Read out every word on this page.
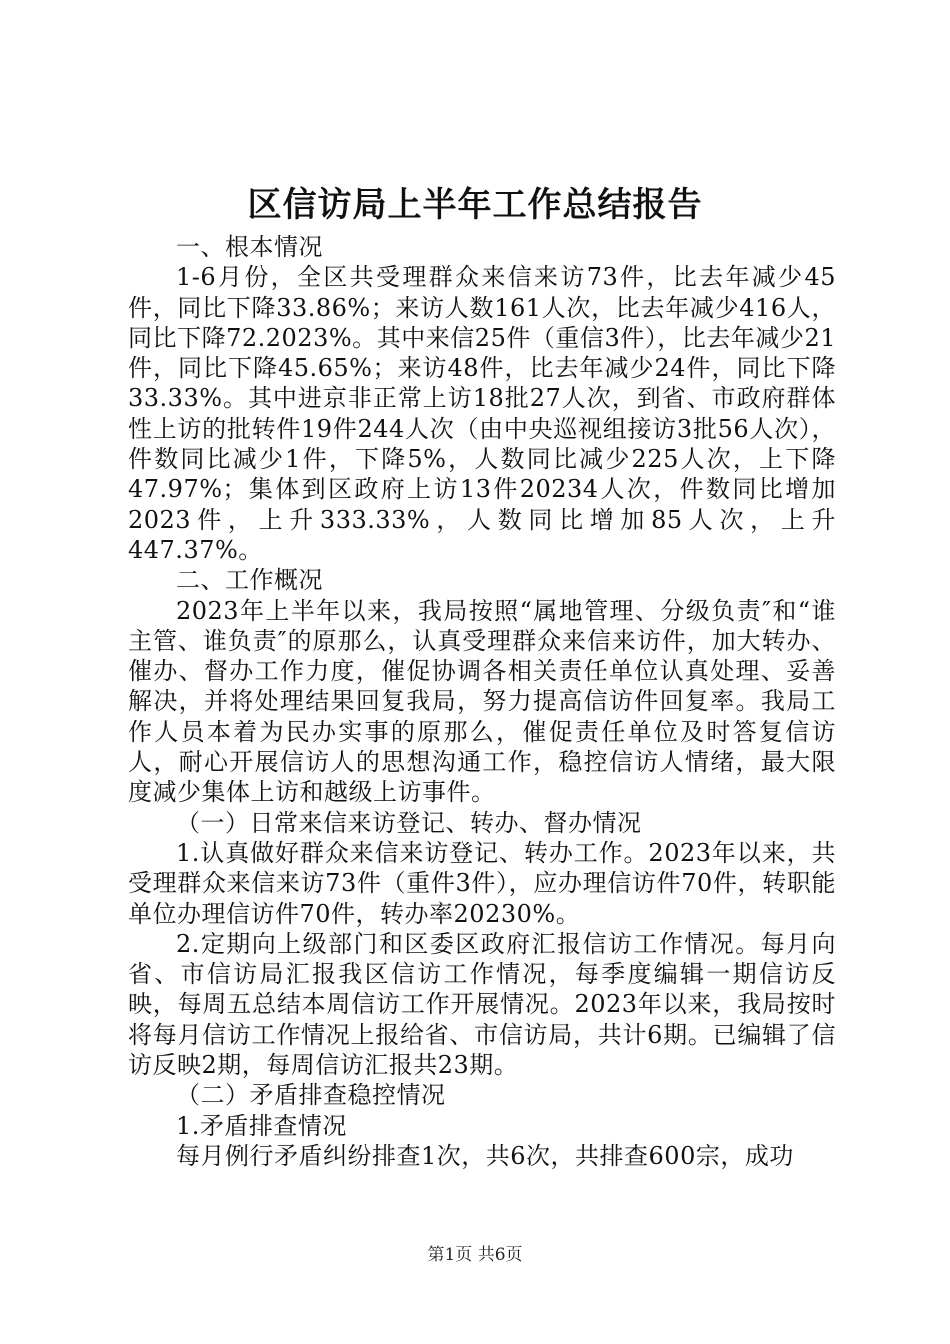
区信访局上半年工作总结报告

一、根本情况

1-6月份，全区共受理群众来信来访73件，比去年减少45件，同比下降33.86%；来访人数161人次，比去年减少416人，同比下降72.2023%。其中来信25件（重信3件），比去年减少21件，同比下降45.65%；来访48件，比去年减少24件，同比下降33.33%。其中进京非正常上访18批27人次，到省、市政府群体性上访的批转件19件244人次（由中央巡视组接访3批56人次），件数同比减少1件，下降5%，人数同比减少225人次，上下降47.97%；集体到区政府上访13件20234人次，件数同比增加2023件，上升333.33%，人数同比增加85人次，上升447.37%。

二、工作概况

2023年上半年以来，我局按照“属地管理、分级负责″和“谁主管、谁负责″的原那么，认真受理群众来信来访件，加大转办、催办、督办工作力度，催促协调各相关责任单位认真处理、妥善解决，并将处理结果回复我局，努力提高信访件回复率。我局工作人员本着为民办实事的原那么，催促责任单位及时答复信访人，耐心开展信访人的思想沟通工作，稳控信访人情绪，最大限度减少集体上访和越级上访事件。

（一）日常来信来访登记、转办、督办情况

1.认真做好群众来信来访登记、转办工作。2023年以来，共受理群众来信来访73件（重件3件），应办理信访件70件，转职能单位办理信访件70件，转办率20230%。

2.定期向上级部门和区委区政府汇报信访工作情况。每月向省、市信访局汇报我区信访工作情况，每季度编辑一期信访反映，每周五总结本周信访工作开展情况。2023年以来，我局按时将每月信访工作情况上报给省、市信访局，共计6期。已编辑了信访反映2期，每周信访汇报共23期。

（二）矛盾排查稳控情况

1.矛盾排查情况

每月例行矛盾纠纷排查1次，共6次，共排查600宗，成功

第1页 共6页
